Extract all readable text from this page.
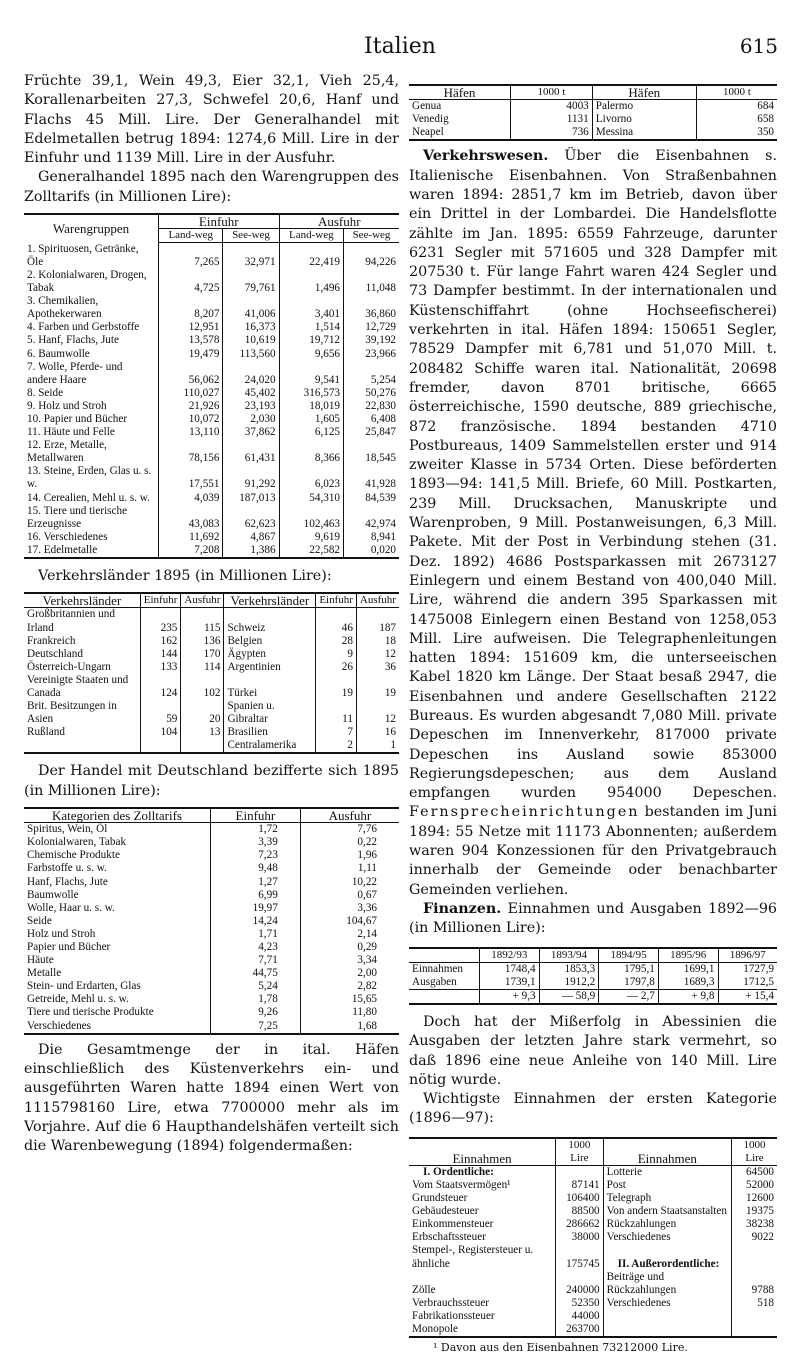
Italien	615

Früchte 39,1, Wein 49,3, Eier 32,1, Vieh 25,4, Korallenarbeiten 27,3, Schwefel 20,6, Hanf und Flachs 45 Mill. Lire. Der Generalhandel mit Edelmetallen betrug 1894: 1274,6 Mill. Lire in der Einfuhr und 1139 Mill. Lire in der Ausfuhr.

Generalhandel 1895 nach den Warengruppen des Zolltarifs (in Millionen Lire):

Warengruppen	Einfuhr		Ausfuhr	
	Land-weg	See-weg	Land-weg	See-weg
1. Spirituosen, Getränke, Öle	7,265	32,971	22,419	94,226
2. Kolonialwaren, Drogen, Tabak	4,725	79,761	1,496	11,048
3. Chemikalien, Apothekerwaren	8,207	41,006	3,401	36,860
4. Farben und Gerbstoffe	12,951	16,373	1,514	12,729
5. Hanf, Flachs, Jute	13,578	10,619	19,712	39,192
6. Baumwolle	19,479	113,560	9,656	23,966
7. Wolle, Pferde- und andere Haare	56,062	24,020	9,541	5,254
8. Seide	110,027	45,402	316,573	50,276
9. Holz und Stroh	21,926	23,193	18,019	22,830
10. Papier und Bücher	10,072	2,030	1,605	6,408
11. Häute und Felle	13,110	37,862	6,125	25,847
12. Erze, Metalle, Metallwaren	78,156	61,431	8,366	18,545
13. Steine, Erden, Glas u. s. w.	17,551	91,292	6,023	41,928
14. Cerealien, Mehl u. s. w.	4,039	187,013	54,310	84,539
15. Tiere und tierische Erzeugnisse	43,083	62,623	102,463	42,974
16. Verschiedenes	11,692	4,867	9,619	8,941
17. Edelmetalle	7,208	1,386	22,582	0,020

Verkehrsländer 1895 (in Millionen Lire):

Verkehrsländer	Einfuhr	Ausfuhr	Verkehrsländer	Einfuhr	Ausfuhr
Großbritannien und Irland	235	115	Schweiz	46	187
Frankreich	162	136	Belgien	28	18
Deutschland	144	170	Ägypten	9	12
Österreich-Ungarn	133	114	Argentinien	26	36
Vereinigte Staaten und Canada	124	102	Türkei	19	19
Brit. Besitzungen in Asien	59	20	Spanien u. Gibraltar	11	12
Rußland	104	13	Brasilien	7	16
			Centralamerika	2	1

Der Handel mit Deutschland bezifferte sich 1895 (in Millionen Lire):

Kategorien des Zolltarifs	Einfuhr	Ausfuhr
Spiritus, Wein, Öl	1,72	7,76
Kolonialwaren, Tabak	3,39	0,22
Chemische Produkte	7,23	1,96
Farbstoffe u. s. w.	9,48	1,11
Hanf, Flachs, Jute	1,27	10,22
Baumwolle	6,99	0,67
Wolle, Haar u. s. w.	19,97	3,36
Seide	14,24	104,67
Holz und Stroh	1,71	2,14
Papier und Bücher	4,23	0,29
Häute	7,71	3,34
Metalle	44,75	2,00
Stein- und Erdarten, Glas	5,24	2,82
Getreide, Mehl u. s. w.	1,78	15,65
Tiere und tierische Produkte	9,26	11,80
Verschiedenes	7,25	1,68

Die Gesamtmenge der in ital. Häfen einschließlich des Küstenverkehrs ein- und ausgeführten Waren hatte 1894 einen Wert von 1115798160 Lire, etwa 7700000 mehr als im Vorjahre. Auf die 6 Haupthandelshäfen verteilt sich die Warenbewegung (1894) folgendermaßen:

Häfen	1000 t	Häfen	1000 t
Genua	4003	Palermo	684
Venedig	1131	Livorno	658
Neapel	736	Messina	350

Verkehrswesen. Über die Eisenbahnen s. Italienische Eisenbahnen. Von Straßenbahnen waren 1894: 2851,7 km im Betrieb, davon über ein Drittel in der Lombardei. Die Handelsflotte zählte im Jan. 1895: 6559 Fahrzeuge, darunter 6231 Segler mit 571605 und 328 Dampfer mit 207530 t. Für lange Fahrt waren 424 Segler und 73 Dampfer bestimmt. In der internationalen und Küstenschiffahrt (ohne Hochseefischerei) verkehrten in ital. Häfen 1894: 150651 Segler, 78529 Dampfer mit 6,781 und 51,070 Mill. t. 208482 Schiffe waren ital. Nationalität, 20698 fremder, davon 8701 britische, 6665 österreichische, 1590 deutsche, 889 griechische, 872 französische. 1894 bestanden 4710 Postbureaus, 1409 Sammelstellen erster und 914 zweiter Klasse in 5734 Orten. Diese beförderten 1893—94: 141,5 Mill. Briefe, 60 Mill. Postkarten, 239 Mill. Drucksachen, Manuskripte und Warenproben, 9 Mill. Postanweisungen, 6,3 Mill. Pakete. Mit der Post in Verbindung stehen (31. Dez. 1892) 4686 Postsparkassen mit 2673127 Einlegern und einem Bestand von 400,040 Mill. Lire, während die andern 395 Sparkassen mit 1475008 Einlegern einen Bestand von 1258,053 Mill. Lire aufweisen. Die Telegraphenleitungen hatten 1894: 151609 km, die unterseeischen Kabel 1820 km Länge. Der Staat besaß 2947, die Eisenbahnen und andere Gesellschaften 2122 Bureaus. Es wurden abgesandt 7,080 Mill. private Depeschen im Innenverkehr, 817000 private Depeschen ins Ausland sowie 853000 Regierungsdepeschen; aus dem Ausland empfangen wurden 954000 Depeschen. Fernsprecheinrichtungen bestanden im Juni 1894: 55 Netze mit 11173 Abonnenten; außerdem waren 904 Konzessionen für den Privatgebrauch innerhalb der Gemeinde oder benachbarter Gemeinden verliehen.

Finanzen. Einnahmen und Ausgaben 1892—96 (in Millionen Lire):

	1892/93	1893/94	1894/95	1895/96	1896/97
Einnahmen	1748,4	1853,3	1795,1	1699,1	1727,9
Ausgaben	1739,1	1912,2	1797,8	1689,3	1712,5
	+ 9,3	— 58,9	— 2,7	+ 9,8	+ 15,4

Doch hat der Mißerfolg in Abessinien die Ausgaben der letzten Jahre stark vermehrt, so daß 1896 eine neue Anleihe von 140 Mill. Lire nötig wurde.

Wichtigste Einnahmen der ersten Kategorie (1896—97):

Einnahmen	1000 Lire	Einnahmen	1000 Lire
I. Ordentliche:		Lotterie	64500
Vom Staatsvermögen¹	87141	Post	52000
Grundsteuer	106400	Telegraph	12600
Gebäudesteuer	88500	Von andern Staatsanstalten	19375
Einkommensteuer	286662	Rückzahlungen	38238
Erbschaftssteuer	38000	Verschiedenes	9022
Stempel-, Registersteuer u. ähnliche	175745	II. Außerordentliche:	
Zölle	240000	Beiträge und Rückzahlungen	9788
Verbrauchssteuer	52350	Verschiedenes	518
Fabrikationssteuer	44000		
Monopole	263700		
¹ Davon aus den Eisenbahnen 73212000 Lire.
